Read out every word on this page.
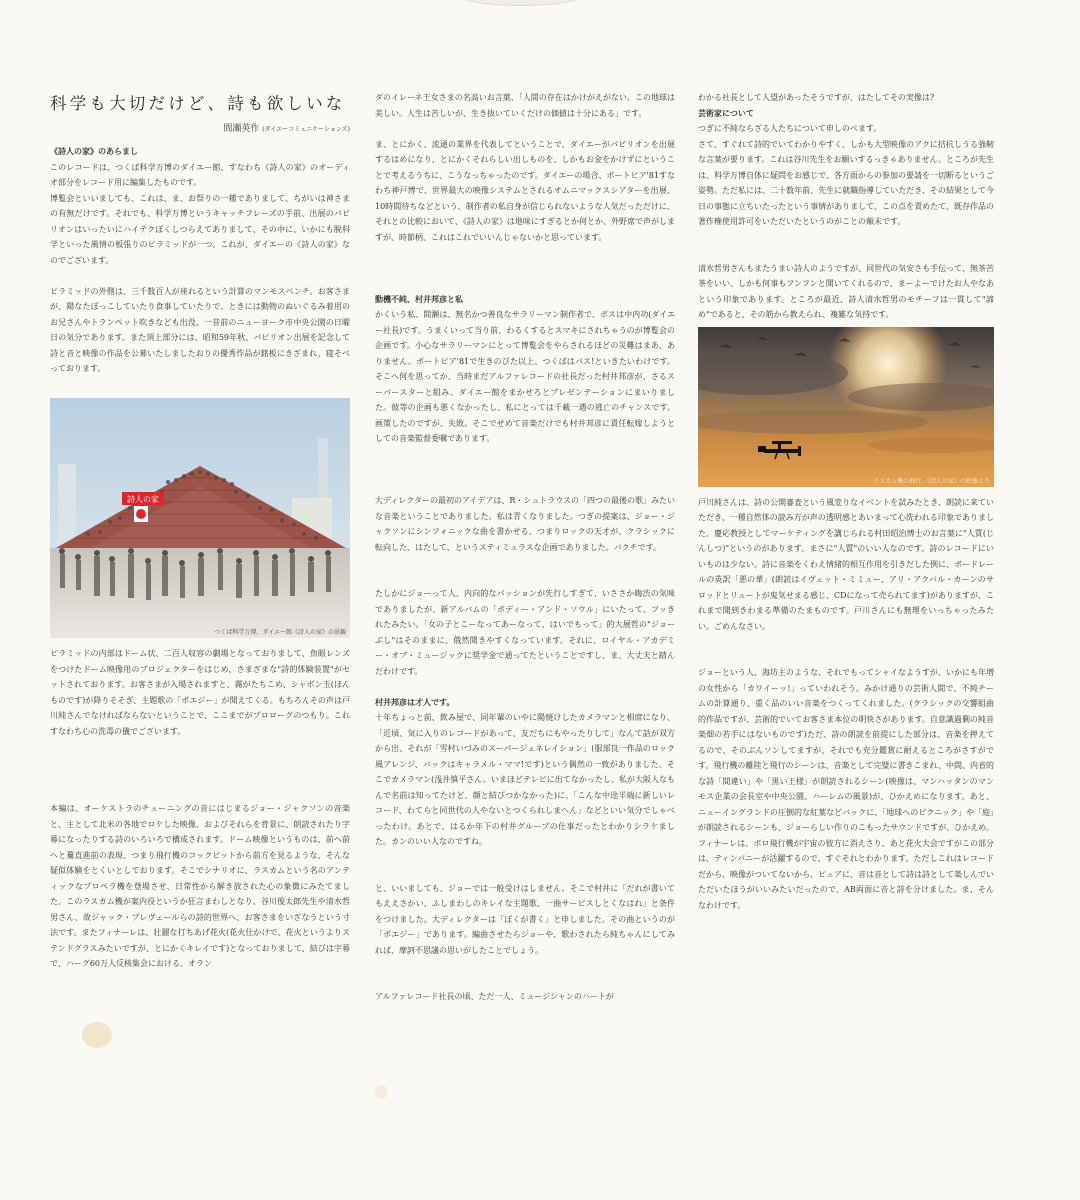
科学も大切だけど、詩も欲しいな
間瀬英作 (ダイエーコミュニケーションズ)
《詩人の家》のあらまし

このレコードは、つくば科学万博のダイエー館、すなわち《詩人の家》のオーディオ部分をレコード用に編集したものです。

博覧会といいましても、これは、ま、お祭りの一種でありまして、ちがいは神さまの有無だけです。それでも、科学万博というキャッチフレーズの手前、出展のパビリオンはいったいにハイテクぼくしつらえてありまして、その中に、いかにも脱科学といった風情の板張りのピラミッドが一つ、これが、ダイエーの《詩人の家》なのでございます。

ピラミッドの外側は、三千数百人が座れるという計算のマンモスベンチ。お客さまが、陽なたぼっこしていたり食事していたりで、ときには動物のぬいぐるみ着用のお兄さんやトランペット吹きなども出没、一昔前のニューヨーク市中央公園の日曜日の気分であります。また頂上部分には、昭和59年秋、パビリオン出展を記念して詩と音と映像の作品を公募いたしましたおりの優秀作品が銘板にきざまれ、寝そべっております。

詩人の家
つくば科学万博、ダイエー館《詩人の家》の景観

ピラミッドの内部はドーム状、二百人収容の劇場となっておりまして、魚眼レンズをつけたドーム映像用のプロジェクターをはじめ、さまざまな"詩的体験装置"がセットされております。お客さまが入場されますと、霧がたちこめ、シャボン玉(ほんものです)が降りそそぎ、主題歌の「ポエジー」が聞えてくる。もちろんその声は戸川純さんでなければならないということで、ここまでがプロローグのつもり。これすなわち心の洗毒の儀でございます。

本編は、オーケストラのチューニングの音にはじまるジョー・ジャクソンの音楽と、主として北米の各地でロケした映像、およびそれらを背景に、朗読されたり字幕になったりする詩のいろいろで構成されます。ドーム映像というものは、前へ前へと驀直進前の表現、つまり飛行機のコックピットから前方を見るような、そんな疑似体験をとくいとしております。そこでシナリオに、ラスカムという名のアンティックなプロペラ機を登場させ、日常性から解き放された心の象徴にみたてました。このラスカム機が案内役というか狂言まわしとなり、谷川俊太郎先生や清水哲男さん、故ジャック・プレヴェールらの詩的世界へ、お客さまをいざなうという寸法です。またフィナーレは、壮麗な打ちあげ花火(花火仕かけで、花火というよりステンドグラスみたいですが、とにかくキレイです)となっておりまして、結びは字幕で、ハーグ60万人反核集会における、オラン

ダのイレーネ王女さまの名高いお言葉、「人間の存在はかけがえがない。この地球は美しい。人生は苦しいが、生き抜いていくだけの価値は十分にある」です。

ま、とにかく、流通の業界を代表してということで、ダイエーがパビリオンを出展するはめになり、とにかくそれらしい出しものを、しかもお金をかけずにということで考えるうちに、こうなっちゃったのです。ダイエーの場合、ポートピア'81すなわち神戸博で、世界最大の映像システムとされるオムニマックスシアターを出展、10時間待ちなどという、制作者の私自身が信じられないような人気だっただけに、それとの比較において、《詩人の家》は地味にすぎるとか何とか、外野席で声がしますが、時節柄、これはこれでいいんじゃないかと思っています。

動機不純、村井邦彦と私

かくいう私、間瀬は、無名かつ善良なサラリーマン制作者で、ボスは中内功(ダイエー社長)です。うまくいって当り前、わるくするとスマキにされちゃうのが博覧会の企画です。小心なサラリーマンにとって博覧会をやらされるほどの災難はまあ、ありません。ポートピア'81で生きのびた以上、つくばはパス!といきたいわけです。そこへ何を思ってか、当時まだアルファレコードの社長だった村井邦彦が、さるスーパースターと組み、ダイエー館をまかせろとプレゼンテーションにまいりました。彼等の企画も悪くなかったし、私にとっては千載一遇の逃亡のチャンスです。画策したのですが、失敗。そこでせめて音楽だけでも村井邦彦に責任転嫁しようとしての音楽監督委嘱であります。

大ディレクターの最初のアイデアは、R・シュトラウスの「四つの最後の歌」みたいな音楽ということでありました。私は青くなりました。つぎの提案は、ジョー・ジャクソンにシンフォニックな曲を書かせる、つまりロックの天才が、クラシックに転向した、はたして、というスティミュラスな企画でありました。バクチです。

たしかにジョーって人、内向的なパッションが先行しすぎて、いささか晦渋の気味でありましたが、新アルバムの「ボディー・アンド・ソウル」にいたって、フッきれたみたい。「女の子とこーなってあーなって、はいでもって」的大展哲の"ジョーぶし"はそのままに、俄然聞きやすくなっています。それに、ロイヤル・アカデミー・オブ・ミュージックに奨学金で通ってたということですし、ま、大丈夫と踏んだわけです。

村井邦彦は才人です。

十年ちょっと前、飲み屋で、同年輩のいやに陽焼けしたカメラマンと相席になり、「近頃、気に入りのレコードがあって、友だちにもやったりして」なんて話が双方から出、それが「雪村いづみのスーパージェネレイション」(服部良一作品のロック風アレンジ、バックはキャラメル・ママ!です)という偶然の一致がありました。そこでカメラマン(浅井慎平さん。いまほどテレビに出てなかったし、私が大阪人なもんで名前は知ってたけど、顔と結びつかなかった)に、「こんな中途半端に新しいレコード、わてらと同世代の人やないとつくられしまへん」などといい気分でしゃべったわけ。あとで、はるか年下の村井グループの仕事だったとわかりシラケました。カンのいい人なのですね。

と、いいましても、ジョーでは一般受けはしません。そこで村井に「だれが書いてもええさかい、ふしまわしのキレイな主題歌、一曲サービスしとくなはれ」と条件をつけました。大ディレクターは「ぼくが書く」と申しました。その曲というのが「ポエジー」であります。編曲させたらジョーや、歌わされたら純ちゃんにしてみれば、摩訶不思議の思いがしたことでしょう。

アルファレコード社長の頃、ただ一人、ミュージシャンのハートが

わかる社長として人望があったそうですが、はたしてその実像は?

芸術家について

つぎに不純ならざる人たちについて申しのべます。

さて、すぐれて詩的でいてわかりやすく、しかも大型映像のアクに拮抗しうる強靭な言葉が要ります。これは谷川先生をお願いするっきゃありません。ところが先生は、科学万博自体に疑問をお感じで、各方面からの参加の要請を一切断るというご姿勢。ただ私には、二十数年前、先生に就職指導していただき、その結果として今日の事態に立ちいたったという事情がありまして、この点を責めたて、既存作品の著作権使用許可をいただいたというのがことの顛末です。

清水哲男さんもまたうまい詩人のようですが、同世代の気安さも手伝って、無茶苦茶をいい、しかも何事もフンフンと聞いてくれるので、まーよーでけたお人やなあという印象であります。ところが最近、詩人清水哲男のモチーフは一貫して"諦め"であると、その筋から教えられ、複雑な気持です。

ラスカム機の飛行、《詩人の家》の映像より

戸川純さんは、詩の公開審査という風変りなイベントを試みたとき、朗読に来ていただき、一種自然体の読み方が声の透明感とあいまって心洗われる印象でありました。慶応教授としてマーケティングを講じられる村田昭治博士のお言葉に"人質(じんしつ)"というのがあります。まさに"人質"のいい人なのです。詩のレコードにいいものは少ない。詩に音楽をくわえ情緒的相互作用を引きだした例に、ボードレールの英訳「悪の華」(朗読はイヴェット・ミミュー、アリ・アクバル・カーンのサロッドとリュートが鬼気せまる感じ、CDになって売られてます)がありますが、これまで聞到きわまる準備のたまものです。戸川さんにも無理をいっちゃったみたい。ごめんなさい。

ジョーという人、海坊主のような、それでもってシャイなようすが、いかにも年増の女性から「カワイーッ!」っていわれそう。みかけ通りの芸術人間で、不純チームの計算通り、重く品のいい音楽をつくってくれました。(クラシックの交響組曲的作品ですが、芸術的でいてお客さま本位の明快さがあります。自意識過剰の純音楽畑の若手にはないものです)ただ、詩の朗読を前提にした部分は、音楽を押えてるので、そのぶんソンしてますが、それでも充分鑑賞に耐えるところがさすがです。飛行機の離陸と飛行のシーンは、音楽として完璧に書きこまれ、中間、内省的な詩「間違い」や「黒い王様」が朗読されるシーン(映像は、マンハッタンのマンモス企業の会長室や中央公園、ハーレムの風景)が、ひかえめになります。あと、ニューイングランドの圧倒的な紅葉などバックに、「地球へのピクニック」や「庭」が朗読されるシーンも、ジョーらしい作りのこもったサウンドですが、ひかえめ。フィナーレは、ボロ飛行機が宇宙の彼方に消えさり、あと花火大会ですがこの部分は、ティンパニーが活躍するので、すぐそれとわかります。ただしこれはレコードだから、映像がついてないから、ピュアに、音は音として詩は詩として楽しんでいただいたほうがいいみたいだったので、AB両面に音と詩を分けました。ま、そんなわけです。
